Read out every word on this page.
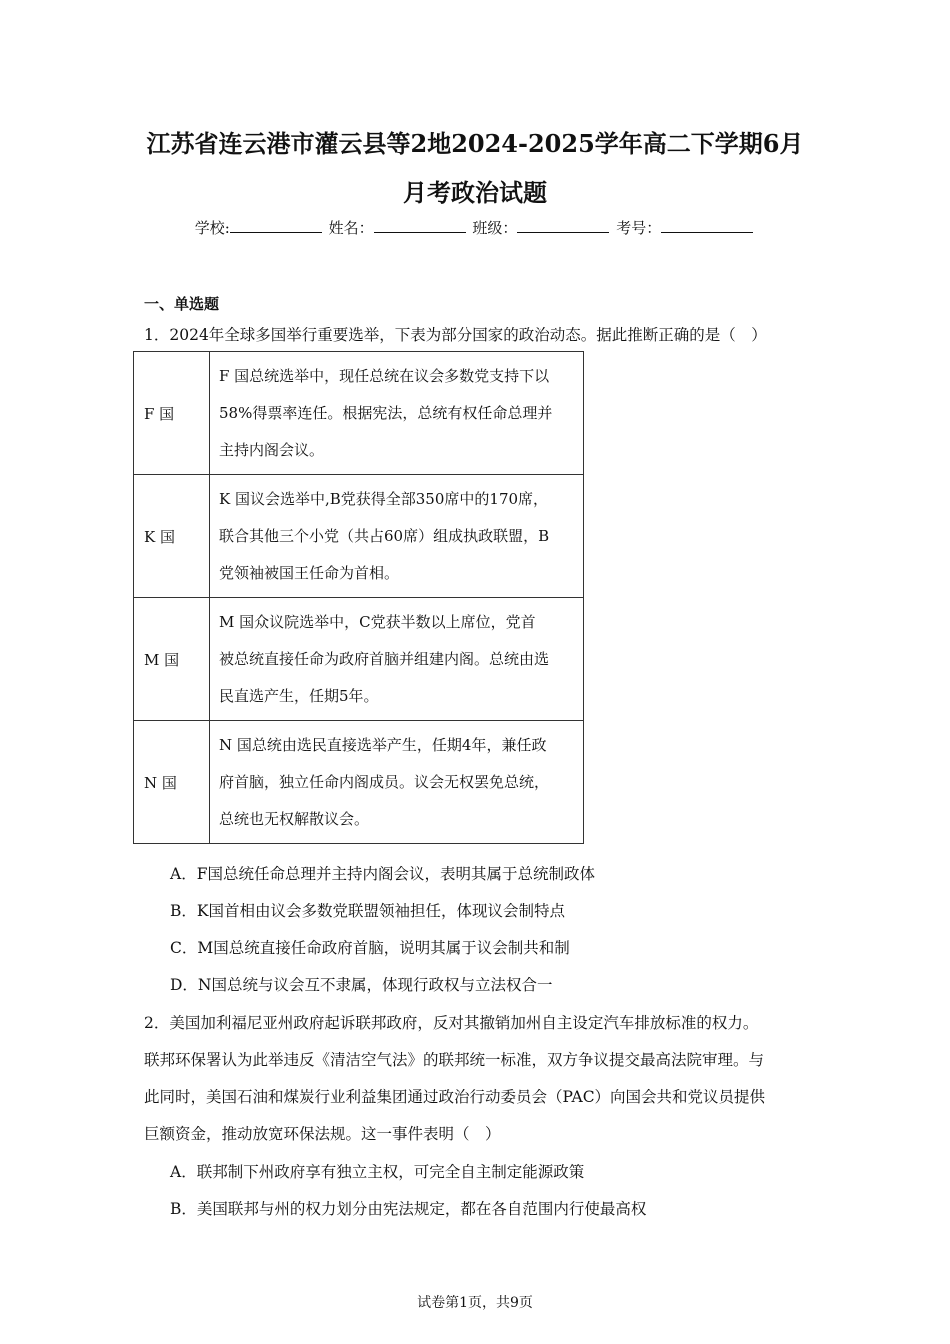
江苏省连云港市灌云县等2地2024-2025学年高二下学期6月
月考政治试题
学校:	姓名：	班级：	考号：
一、单选题
1．2024年全球多国举行重要选举，下表为部分国家的政治动态。据此推断正确的是（　）
F 国	F 国总统选举中，现任总统在议会多数党支持下以
58%得票率连任。根据宪法，总统有权任命总理并
主持内阁会议。

K 国	K 国议会选举中,B党获得全部350席中的170席，
联合其他三个小党（共占60席）组成执政联盟，B
党领袖被国王任命为首相。

M 国	M 国众议院选举中，C党获半数以上席位，党首
被总统直接任命为政府首脑并组建内阁。总统由选
民直选产生，任期5年。

N 国	N 国总统由选民直接选举产生，任期4年，兼任政
府首脑，独立任命内阁成员。议会无权罢免总统，
总统也无权解散议会。
A．F国总统任命总理并主持内阁会议，表明其属于总统制政体
B．K国首相由议会多数党联盟领袖担任，体现议会制特点
C．M国总统直接任命政府首脑，说明其属于议会制共和制
D．N国总统与议会互不隶属，体现行政权与立法权合一
2．美国加利福尼亚州政府起诉联邦政府，反对其撤销加州自主设定汽车排放标准的权力。
联邦环保署认为此举违反《清洁空气法》的联邦统一标准，双方争议提交最高法院审理。与
此同时，美国石油和煤炭行业利益集团通过政治行动委员会（PAC）向国会共和党议员提供
巨额资金，推动放宽环保法规。这一事件表明（　）
A．联邦制下州政府享有独立主权，可完全自主制定能源政策
B．美国联邦与州的权力划分由宪法规定，都在各自范围内行使最高权
试卷第1页，共9页
